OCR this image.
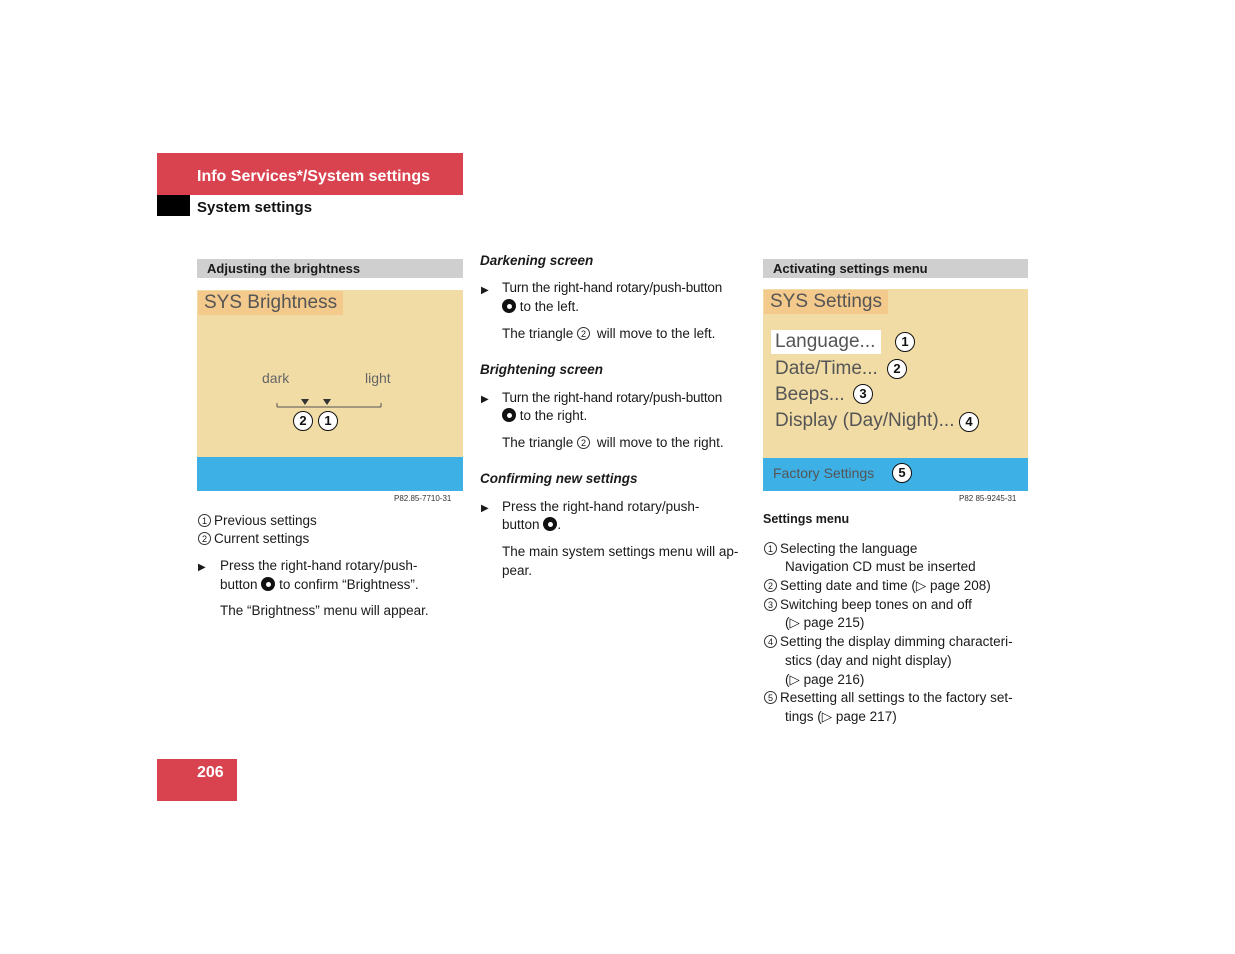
Info Services*/System settings
System settings
Adjusting the brightness
SYS Brightness
dark	light
2	1
P82.85-7710-31
1 Previous settings
2 Current settings
▶ Press the right-hand rotary/push-
button to confirm “Brightness”.
The “Brightness” menu will appear.
Darkening screen
▶ Turn the right-hand rotary/push-button
to the left.
The triangle 2 will move to the left.
Brightening screen
▶ Turn the right-hand rotary/push-button
to the right.
The triangle 2 will move to the right.
Confirming new settings
▶ Press the right-hand rotary/push-
button .
The main system settings menu will ap-
pear.
Activating settings menu
SYS Settings
Language...
Date/Time...
Beeps...
Display (Day/Night)...
Factory Settings
1
2
3
4
5
P82 85-9245-31
Settings menu
1 Selecting the language
Navigation CD must be inserted
2 Setting date and time (▷ page 208)
3 Switching beep tones on and off
(▷ page 215)
4 Setting the display dimming characteri-
stics (day and night display)
(▷ page 216)
5 Resetting all settings to the factory set-
tings (▷ page 217)
206
